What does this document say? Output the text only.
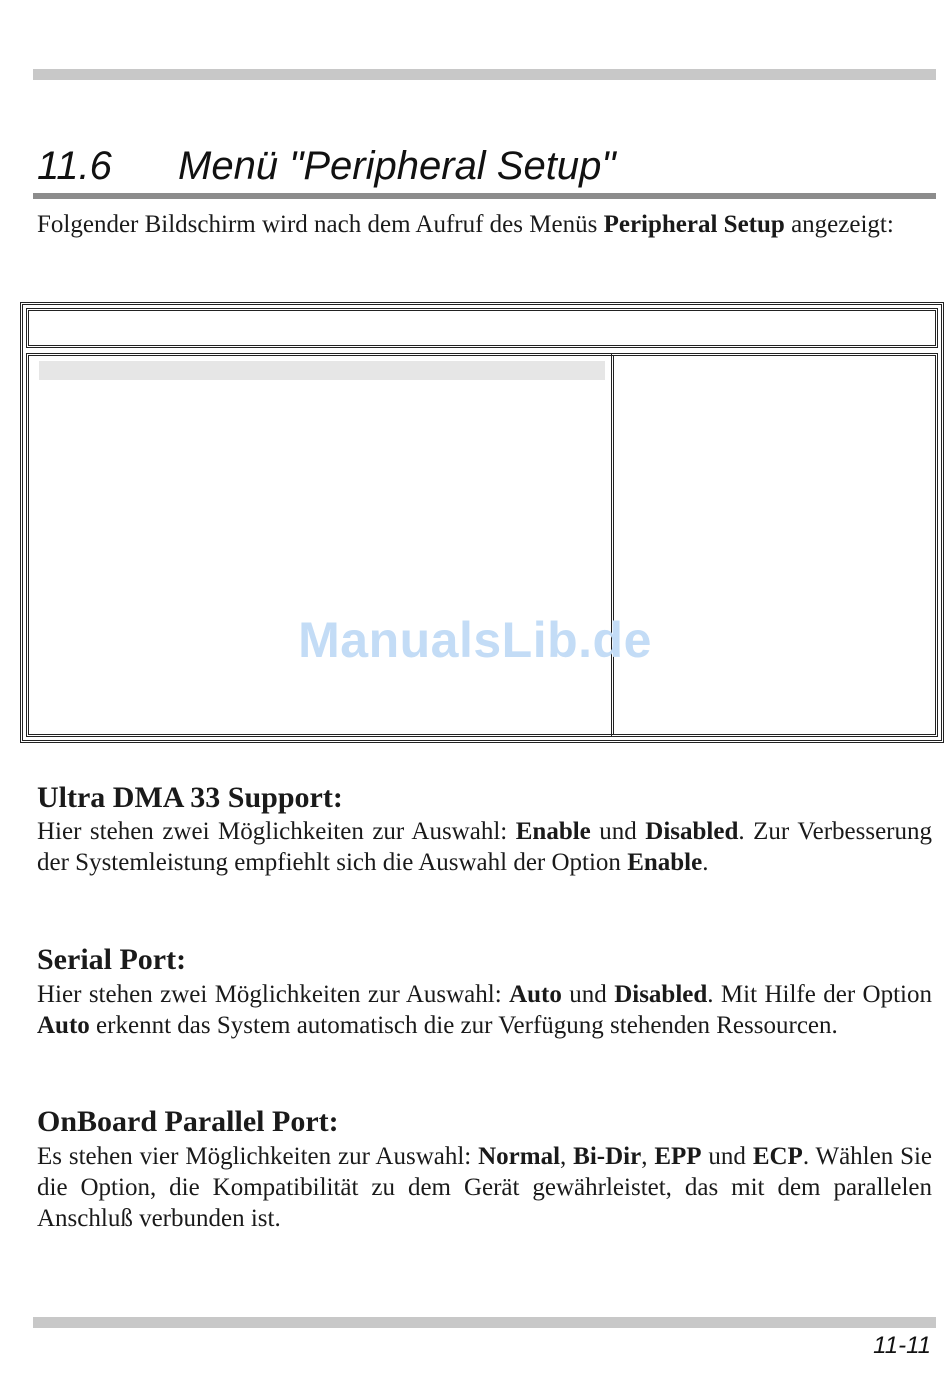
11.6 Menü "Peripheral Setup"
Folgender Bildschirm wird nach dem Aufruf des Menüs Peripheral Setup angezeigt:
ManualsLib.de
Ultra DMA 33 Support:
Hier stehen zwei Möglichkeiten zur Auswahl: Enable und Disabled. Zur Verbesserung der Systemleistung empfiehlt sich die Auswahl der Option Enable.
Serial Port:
Hier stehen zwei Möglichkeiten zur Auswahl: Auto und Disabled. Mit Hilfe der Option Auto erkennt das System automatisch die zur Verfügung stehenden Ressourcen.
OnBoard Parallel Port:
Es stehen vier Möglichkeiten zur Auswahl: Normal, Bi-Dir, EPP und ECP. Wählen Sie die Option, die Kompatibilität zu dem Gerät gewährleistet, das mit dem parallelen Anschluß verbunden ist.
11-11
